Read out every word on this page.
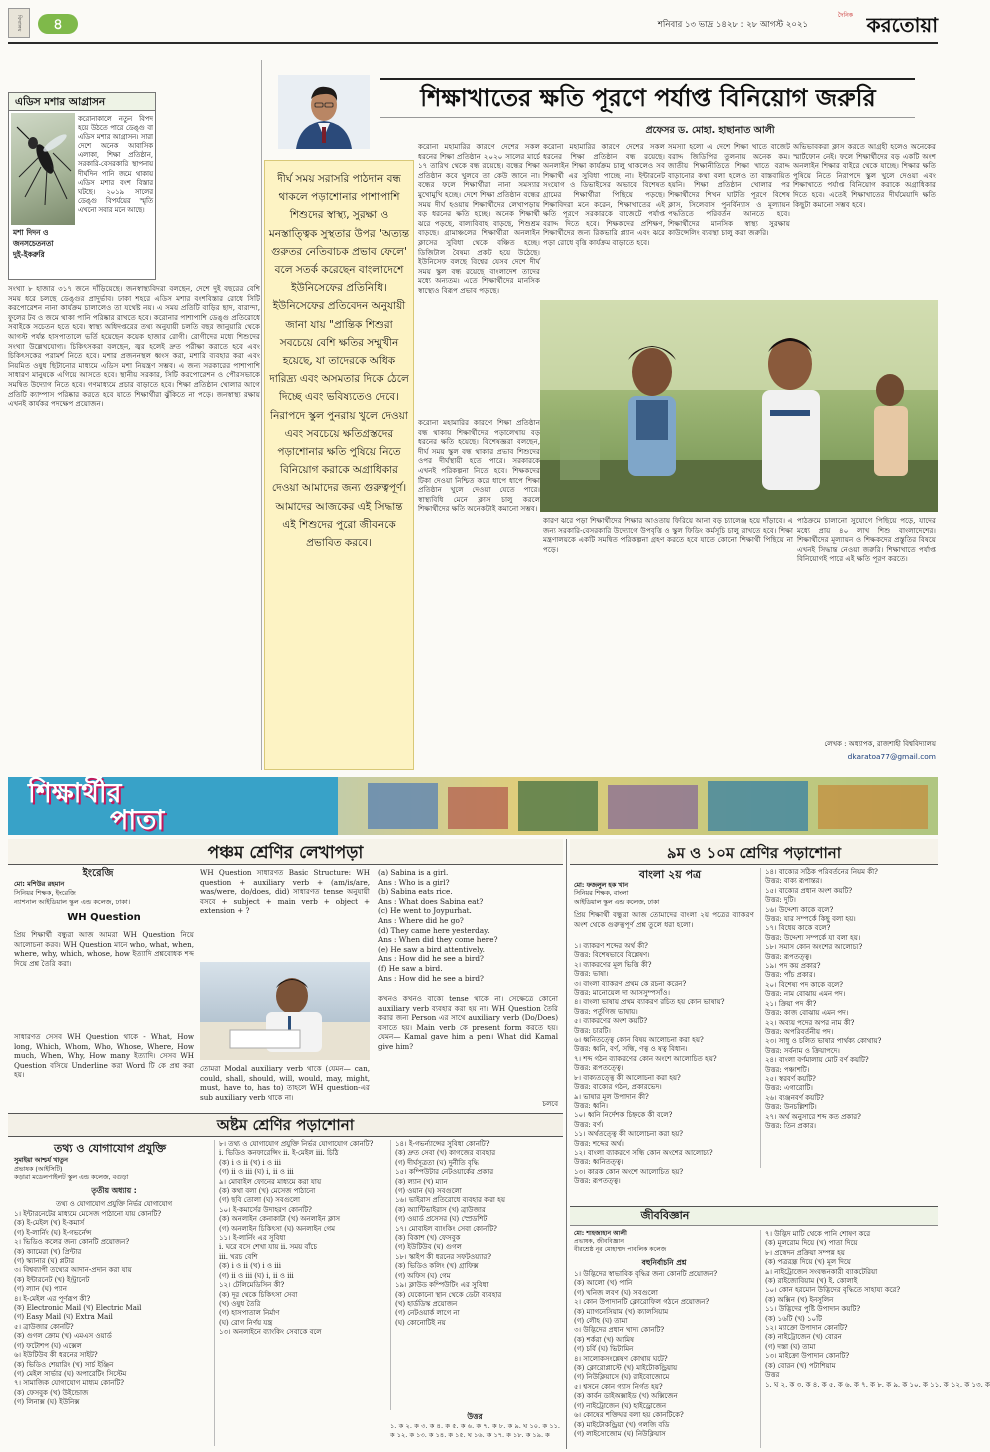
বিদ্যালয়	৪	শনিবার ১৩ ভাদ্র ১৪২৮ : ২৮ আগস্ট ২০২১
দৈনিক করতোয়া
এডিস মশার আগ্রাসন
মশা দিদন ও
জনসচেতনতা
দুই-ইকরুরি
করোনাকালে নতুন বিপদ হয়ে উঠতে পারে ডেঙ্গু বা এডিস মশার আগ্রাসন। সারা দেশে অনেক আবাসিক এলাকা, শিক্ষা প্রতিষ্ঠান, সরকারি-বেসরকারি স্থাপনায় দীর্ঘদিন পানি জমে থাকায় এডিস মশার বংশ বিস্তার ঘটছে। ২০১৯ সালের ডেঙ্গু বিপর্যয়ের স্মৃতি এখনো সবার মনে আছে।
সংখ্যা ৮ হাজার ৩১৭ জনে দাঁড়িয়েছে। জনস্বাস্থ্যবিদরা বলছেন, দেশে দুই বছরের বেশি সময় ধরে চলছে ডেঙ্গুর প্রাদুর্ভাব। ঢাকা শহরে এডিস মশার বংশবিস্তার রোধে সিটি করপোরেশন নানা কার্যক্রম চালালেও তা যথেষ্ট নয়। এ সময় প্রতিটি বাড়ির ছাদ, বারান্দা, ফুলের টব ও জমে থাকা পানি পরিষ্কার রাখতে হবে। করোনার পাশাপাশি ডেঙ্গু প্রতিরোধে সবাইকে সচেতন হতে হবে। স্বাস্থ্য অধিদপ্তরের তথ্য অনুযায়ী চলতি বছর জানুয়ারি থেকে আগস্ট পর্যন্ত হাসপাতালে ভর্তি হয়েছেন কয়েক হাজার রোগী। রোগীদের মধ্যে শিশুদের সংখ্যা উল্লেখযোগ্য। চিকিৎসকরা বলছেন, জ্বর হলেই দ্রুত পরীক্ষা করাতে হবে এবং চিকিৎসকের পরামর্শ নিতে হবে। মশার প্রজননস্থল ধ্বংস করা, মশারি ব্যবহার করা এবং নিয়মিত ওষুধ ছিটানোর মাধ্যমে এডিস মশা নিয়ন্ত্রণ সম্ভব। এ জন্য সরকারের পাশাপাশি সাধারণ মানুষকে এগিয়ে আসতে হবে। স্থানীয় সরকার, সিটি করপোরেশন ও পৌরসভাকে সমন্বিত উদ্যোগ নিতে হবে। গণমাধ্যমে প্রচার বাড়াতে হবে। শিক্ষা প্রতিষ্ঠান খোলার আগে প্রতিটি ক্যাম্পাস পরিষ্কার করতে হবে যাতে শিক্ষার্থীরা ঝুঁকিতে না পড়ে। জনস্বাস্থ্য রক্ষায় এখনই কার্যকর পদক্ষেপ প্রয়োজন।
শিক্ষাখাতের ক্ষতি পূরণে পর্যাপ্ত বিনিয়োগ জরুরি
প্রফেসর ড. মোহা. হাছানাত আলী
দীর্ঘ সময় সরাসরি পাঠদান বন্ধ থাকলে পড়াশোনার পাশাপাশি শিশুদের স্বাস্থ্য, সুরক্ষা ও মনস্তাত্ত্বিক সুস্থতার উপর 'অত্যন্ত গুরুতর নেতিবাচক প্রভাব ফেলে' বলে সতর্ক করেছেন বাংলাদেশে ইউনিসেফের প্রতিনিধি। ইউনিসেফের প্রতিবেদন অনুযায়ী জানা যায় "প্রান্তিক শিশুরা সবচেয়ে বেশি ক্ষতির সম্মুখীন হয়েছে, যা তাদেরকে অধিক দারিদ্র্য এবং অসমতার দিকে ঠেলে দিচ্ছে এবং ভবিষ্যতেও দেবে। নিরাপদে স্কুল পুনরায় খুলে দেওয়া এবং সবচেয়ে ক্ষতিগ্রস্তদের পড়াশোনার ক্ষতি পুষিয়ে নিতে বিনিয়োগ করাকে অগ্রাধিকার দেওয়া আমাদের জন্য গুরুত্বপূর্ণ। আমাদের আজকের এই সিদ্ধান্ত এই শিশুদের পুরো জীবনকে প্রভাবিত করবে।
করোনা মহামারির কারণে দেশের সকল ধরনের শিক্ষা প্রতিষ্ঠান ২০২০ সালের মার্চে ১৭ তারিখ থেকে বন্ধ রয়েছে। বন্ধের শিক্ষা প্রতিষ্ঠান কবে খুলবে তা কেউ জানে না। বন্ধের ফলে শিক্ষার্থীরা নানা সমস্যার মুখোমুখি হচ্ছে। দেশে শিক্ষা প্রতিষ্ঠান বন্ধের সময় দীর্ঘ হওয়ায় শিক্ষার্থীদের লেখাপড়ায় বড় ধরনের ক্ষতি হচ্ছে। অনেক শিক্ষার্থী ঝরে পড়ছে, বাল্যবিবাহ বাড়ছে, শিশুশ্রম বাড়ছে। গ্রামাঞ্চলের শিক্ষার্থীরা অনলাইন ক্লাসের সুবিধা থেকে বঞ্চিত হচ্ছে। ডিজিটাল বৈষম্য প্রকট হয়ে উঠেছে। ইউনিসেফ বলছে বিশ্বের যেসব দেশে দীর্ঘ সময় স্কুল বন্ধ রয়েছে বাংলাদেশ তাদের মধ্যে অন্যতম। এতে শিক্ষার্থীদের মানসিক স্বাস্থ্যেও বিরূপ প্রভাব পড়ছে।
করোনা মহামারির কারণে দেশের সকল ধরনের শিক্ষা প্রতিষ্ঠান বন্ধ রয়েছে। অনলাইন শিক্ষা কার্যক্রম চালু থাকলেও সব শিক্ষার্থী এর সুবিধা পাচ্ছে না। ইন্টারনেট সংযোগ ও ডিভাইসের অভাবে বিশেষত গ্রামের শিক্ষার্থীরা পিছিয়ে পড়ছে। শিক্ষাবিদরা মনে করেন, শিক্ষাখাতের এই ক্ষতি পূরণে সরকারকে বাজেটে পর্যাপ্ত বরাদ্দ দিতে হবে। শিক্ষকদের প্রশিক্ষণ, শিক্ষার্থীদের জন্য রিকভারি প্ল্যান এবং ঝরে পড়া রোধে বৃত্তি কার্যক্রম বাড়াতে হবে।
সমস্যা হলো এ দেশে শিক্ষা খাতে বাজেট বরাদ্দ জিডিপির তুলনায় অনেক কম। জাতীয় শিক্ষানীতিতে শিক্ষা খাতে বরাদ্দ বাড়ানোর কথা বলা হলেও তা বাস্তবায়িত হয়নি। শিক্ষা প্রতিষ্ঠান খোলার পর শিক্ষার্থীদের শিখন ঘাটতি পূরণে বিশেষ ক্লাস, সিলেবাস পুনর্বিন্যাস ও মূল্যায়ন পদ্ধতিতে পরিবর্তন আনতে হবে। শিক্ষার্থীদের মানসিক স্বাস্থ্য সুরক্ষায় কাউন্সেলিং ব্যবস্থা চালু করা জরুরি।
অভিভাবকরা ক্লাস করতে আগ্রহী হলেও অনেকের স্মার্টফোন নেই। ফলে শিক্ষার্থীদের বড় একটি অংশ অনলাইন শিক্ষার বাইরে থেকে যাচ্ছে। শিক্ষার ক্ষতি পুষিয়ে নিতে নিরাপদে স্কুল খুলে দেওয়া এবং শিক্ষাখাতে পর্যাপ্ত বিনিয়োগ করাকে অগ্রাধিকার দিতে হবে। এতেই শিক্ষাখাতের দীর্ঘমেয়াদি ক্ষতি কিছুটা কমানো সম্ভব হবে।
করোনা মহামারির কারণে শিক্ষা প্রতিষ্ঠান বন্ধ থাকায় শিক্ষার্থীদের পড়ালেখায় বড় ধরনের ক্ষতি হয়েছে। বিশেষজ্ঞরা বলছেন, দীর্ঘ সময় স্কুল বন্ধ থাকার প্রভাব শিশুদের ওপর দীর্ঘস্থায়ী হতে পারে। সরকারকে এখনই পরিকল্পনা নিতে হবে। শিক্ষকদের টিকা দেওয়া নিশ্চিত করে ধাপে ধাপে শিক্ষা প্রতিষ্ঠান খুলে দেওয়া যেতে পারে। স্বাস্থ্যবিধি মেনে ক্লাস চালু করলে শিক্ষার্থীদের ক্ষতি অনেকটাই কমানো সম্ভব।
কারণ ঝরে পড়া শিক্ষার্থীদের শিক্ষার আওতায় ফিরিয়ে আনা বড় চ্যালেঞ্জ হয়ে দাঁড়াবে। এ জন্য সরকারি-বেসরকারি উদ্যোগে উপবৃত্তি ও স্কুল ফিডিং কর্মসূচি চালু রাখতে হবে। শিক্ষা মন্ত্রণালয়কে একটি সমন্বিত পরিকল্পনা গ্রহণ করতে হবে যাতে কোনো শিক্ষার্থী পিছিয়ে না পড়ে।
পাঠক্রমে চালানো সুযোগে পিছিয়ে পড়ে, যাদের মধ্যে প্রায় ৪০ লাখ শিশু বাংলাদেশের। শিক্ষার্থীদের মূল্যায়ন ও শিক্ষকদের প্রস্তুতির বিষয়ে এখনই সিদ্ধান্ত নেওয়া জরুরি। শিক্ষাখাতে পর্যাপ্ত বিনিয়োগই পারে এই ক্ষতি পূরণ করতে।
লেখক : অধ্যাপক, রাজশাহী বিশ্ববিদ্যালয়
dkaratoa77@gmail.com
শিক্ষার্থীর
পাতা
পঞ্চম শ্রেণির লেখাপড়া
ইংরেজি
মো: মশিউর রহমান
সিনিয়র শিক্ষক, ইংরেজি
ন্যাশনাল আইডিয়াল স্কুল এন্ড কলেজ, ঢাকা।
WH Question
প্রিয় শিক্ষার্থী বন্ধুরা আজ আমরা WH Question নিয়ে আলোচনা করব। WH Question মানে who, what, when, where, why, which, whose, how ইত্যাদি প্রশ্নবোধক শব্দ দিয়ে প্রশ্ন তৈরি করা।
সাধারণত সেসব WH Question থাকে - What, How long, Which, Whom, Who, Whose, Where, How much, When, Why, How many ইত্যাদি। সেসব WH Question বসিয়ে Underline করা Word টি কে প্রশ্ন করা হয়।
WH Question সাধারণত Basic Structure: WH question + auxiliary verb + (am/is/are, was/were, do/does, did) সাধারণত tense অনুযায়ী বসবে + subject + main verb + object + extension + ?
তোমরা Modal auxiliary verb থাকে (যেমন— can, could, shall, should, will, would, may, might, must, have to, has to) তাহলে WH question-এর sub auxiliary verb থাকে না।
(a) Sabina is a girl.
Ans : Who is a girl?
(b) Sabina eats rice.
Ans : What does Sabina eat?
(c) He went to Joypurhat.
Ans : Where did he go?
(d) They came here yesterday.
Ans : When did they come here?
(e) He saw a bird attentively.
Ans : How did he see a bird?
(f) He saw a bird.
Ans : How did he see a bird?
কখনও কখনও বাক্যে tense থাকে না। সেক্ষেত্রে কোনো auxiliary verb ব্যবহার করা হয় না। WH Question তৈরি করার জন্য Person এর সাথে auxiliary verb (Do/Does) বসাতে হয়। Main verb কে present form করতে হয়। যেমন— Kamal gave him a pen। What did Kamal give him?
চলবে
অষ্টম শ্রেণির পড়াশোনা
তথ্য ও যোগাযোগ প্রযুক্তি
সুমাইয়া আশ্চর্য খাতুন
প্রভাষক (আইসিটি)
কড়ারা মডেলপাইলট স্কুল এন্ড কলেজ, বগুড়া
তৃতীয় অধ্যায় :
তথ্য ও যোগাযোগ প্রযুক্তি নির্ভর যোগাযোগ
১। ইন্টারনেটের মাধ্যমে মেসেজ পাঠানো যায় কোনটি?
(ক) ই-মেইল (খ) ই-কমার্স
(গ) ই-লার্নিং (ঘ) ই-গভর্নেন্স
২। ভিডিও কলের জন্য কোনটি প্রয়োজন?
(ক) ক্যামেরা (খ) প্রিন্টার
(গ) স্ক্যানার (ঘ) প্লটার
৩। বিশ্বব্যাপী তথ্যের আদান-প্রদান করা যায়
(ক) ইন্টারনেট (খ) ইন্ট্রানেট
(গ) ল্যান (ঘ) প্যান
৪। ই-মেইল এর পূর্ণরূপ কী?
(ক) Electronic Mail (খ) Electric Mail
(গ) Easy Mail (ঘ) Extra Mail
৫। ব্রাউজার কোনটি?
(ক) গুগল ক্রোম (খ) এমএস ওয়ার্ড
(গ) ফটোশপ (ঘ) এক্সেল
৬। ইউটিউব কী ধরনের সাইট?
(ক) ভিডিও শেয়ারিং (খ) সার্চ ইঞ্জিন
(গ) মেইল সার্ভার (ঘ) অপারেটিং সিস্টেম
৭। সামাজিক যোগাযোগ মাধ্যম কোনটি?
(ক) ফেসবুক (খ) উইন্ডোজ
(গ) লিনাক্স (ঘ) ইউনিক্স
৮। তথ্য ও যোগাযোগ প্রযুক্তি নির্ভর যোগাযোগ কোনটি?
i. ভিডিও কনফারেন্সিং ii. ই-মেইল iii. চিঠি
(ক) i ও ii (খ) i ও iii
(গ) ii ও iii (ঘ) i, ii ও iii
৯। মোবাইল ফোনের মাধ্যমে করা যায়
(ক) কথা বলা (খ) মেসেজ পাঠানো
(গ) ছবি তোলা (ঘ) সবগুলো
১০। ই-কমার্সের উদাহরণ কোনটি?
(ক) অনলাইন কেনাকাটা (খ) অনলাইন ক্লাস
(গ) অনলাইন চিকিৎসা (ঘ) অনলাইন গেম
১১। ই-লার্নিং এর সুবিধা
i. ঘরে বসে শেখা যায় ii. সময় বাঁচে
iii. খরচ বেশি
(ক) i ও ii (খ) i ও iii
(গ) ii ও iii (ঘ) i, ii ও iii
১২। টেলিমেডিসিন কী?
(ক) দূর থেকে চিকিৎসা সেবা
(খ) ওষুধ তৈরি
(গ) হাসপাতাল নির্মাণ
(ঘ) রোগ নির্ণয় যন্ত্র
১৩। অনলাইনে ব্যাংকিং সেবাকে বলে
১৪। ই-গভর্ন্যান্সের সুবিধা কোনটি?
(ক) দ্রুত সেবা (খ) কাগজের ব্যবহার
(গ) দীর্ঘসূত্রতা (ঘ) দুর্নীতি বৃদ্ধি
১৫। কম্পিউটার নেটওয়ার্কের প্রকার
(ক) ল্যান (খ) ম্যান
(গ) ওয়ান (ঘ) সবগুলো
১৬। ভাইরাস প্রতিরোধে ব্যবহার করা হয়
(ক) অ্যান্টিভাইরাস (খ) ব্রাউজার
(গ) ওয়ার্ড প্রসেসর (ঘ) স্প্রেডশিট
১৭। মোবাইল ব্যাংকিং সেবা কোনটি?
(ক) বিকাশ (খ) ফেসবুক
(গ) ইউটিউব (ঘ) গুগল
১৮। স্কাইপ কী ধরনের সফটওয়্যার?
(ক) ভিডিও কলিং (খ) গ্রাফিক্স
(গ) অফিস (ঘ) গেম
১৯। ক্লাউড কম্পিউটিং এর সুবিধা
(ক) যেকোনো স্থান থেকে ডেটা ব্যবহার
(খ) হার্ডডিস্ক প্রয়োজন
(গ) নেটওয়ার্ক লাগে না
(ঘ) কোনোটিই নয়
উত্তর
১. ক ২. ক ৩. ক ৪. ক ৫. ক ৬. ক ৭. ক ৮. ক ৯. ঘ ১০. ক ১১. ক ১২. ক ১৩. ক ১৪. ক ১৫. ঘ ১৬. ক ১৭. ক ১৮. ক ১৯. ক
৯ম ও ১০ম শ্রেণির পড়াশোনা
বাংলা ২য় পত্র
মো: ফজলুল হক খান
সিনিয়র শিক্ষক, বাংলা
আইডিয়াল স্কুল এন্ড কলেজ, ঢাকা
প্রিয় শিক্ষার্থী বন্ধুরা আজ তোমাদের বাংলা ২য় পত্রের ব্যাকরণ অংশ থেকে গুরুত্বপূর্ণ প্রশ্ন তুলে ধরা হলো।
১। ব্যাকরণ শব্দের অর্থ কী?
উত্তর: বিশেষভাবে বিশ্লেষণ।
২। ব্যাকরণের মূল ভিত্তি কী?
উত্তর: ভাষা।
৩। বাংলা ব্যাকরণ প্রথম কে রচনা করেন?
উত্তর: মানোয়েল দা আসসুম্পসাঁও।
৪। বাংলা ভাষায় প্রথম ব্যাকরণ রচিত হয় কোন ভাষায়?
উত্তর: পর্তুগিজ ভাষায়।
৫। ব্যাকরণের অংশ কয়টি?
উত্তর: চারটি।
৬। ধ্বনিতত্ত্বে কোন বিষয় আলোচনা করা হয়?
উত্তর: ধ্বনি, বর্ণ, সন্ধি, ণত্ব ও ষত্ব বিধান।
৭। শব্দ গঠন ব্যাকরণের কোন অংশে আলোচিত হয়?
উত্তর: রূপতত্ত্বে।
৮। বাক্যতত্ত্বে কী আলোচনা করা হয়?
উত্তর: বাক্যের গঠন, প্রকারভেদ।
৯। ভাষার মূল উপাদান কী?
উত্তর: ধ্বনি।
১০। ধ্বনি নির্দেশক চিহ্নকে কী বলে?
উত্তর: বর্ণ।
১১। অর্থতত্ত্বে কী আলোচনা করা হয়?
উত্তর: শব্দের অর্থ।
১২। বাংলা ব্যাকরণে সন্ধি কোন অংশের আলোচ্য?
উত্তর: ধ্বনিতত্ত্ব।
১৩। কারক কোন অংশে আলোচিত হয়?
উত্তর: রূপতত্ত্ব।
১৪। বাক্যের সঠিক পরিবর্তনের নিয়ম কী?
উত্তর: বাক্য রূপান্তর।
১৫। বাক্যের প্রধান অংশ কয়টি?
উত্তর: দুটি।
১৬। উদ্দেশ্য কাকে বলে?
উত্তর: যার সম্পর্কে কিছু বলা হয়।
১৭। বিধেয় কাকে বলে?
উত্তর: উদ্দেশ্য সম্পর্কে যা বলা হয়।
১৮। সমাস কোন অংশের আলোচ্য?
উত্তর: রূপতত্ত্ব।
১৯। পদ কয় প্রকার?
উত্তর: পাঁচ প্রকার।
২০। বিশেষ্য পদ কাকে বলে?
উত্তর: নাম বোঝায় এমন পদ।
২১। ক্রিয়া পদ কী?
উত্তর: কাজ বোঝায় এমন পদ।
২২। অব্যয় পদের অপর নাম কী?
উত্তর: অপরিবর্তনীয় পদ।
২৩। সাধু ও চলিত ভাষার পার্থক্য কোথায়?
উত্তর: সর্বনাম ও ক্রিয়াপদে।
২৪। বাংলা বর্ণমালায় মোট বর্ণ কয়টি?
উত্তর: পঞ্চাশটি।
২৫। স্বরবর্ণ কয়টি?
উত্তর: এগারোটি।
২৬। ব্যঞ্জনবর্ণ কয়টি?
উত্তর: উনচল্লিশটি।
২৭। অর্থ অনুসারে শব্দ কত প্রকার?
উত্তর: তিন প্রকার।
জীববিজ্ঞান
মো: শাহজাহান আলী
প্রভাষক, জীববিজ্ঞান
বীরশ্রেষ্ঠ নূর মোহাম্মদ পাবলিক কলেজ
বহুনির্বাচনি প্রশ্ন
১। উদ্ভিদের স্বাভাবিক বৃদ্ধির জন্য কোনটি প্রয়োজন?
(ক) আলো (খ) পানি
(গ) খনিজ লবণ (ঘ) সবগুলো
২। কোন উপাদানটি ক্লোরোফিল গঠনে প্রয়োজন?
(ক) ম্যাগনেসিয়াম (খ) ক্যালসিয়াম
(গ) লৌহ (ঘ) তামা
৩। উদ্ভিদের প্রধান খাদ্য কোনটি?
(ক) শর্করা (খ) আমিষ
(গ) চর্বি (ঘ) ভিটামিন
৪। সালোকসংশ্লেষণ কোথায় ঘটে?
(ক) ক্লোরোপ্লাস্টে (খ) মাইটোকন্ড্রিয়ায়
(গ) নিউক্লিয়াসে (ঘ) রাইবোজোমে
৫। শ্বসনে কোন গ্যাস নির্গত হয়?
(ক) কার্বন ডাইঅক্সাইড (খ) অক্সিজেন
(গ) নাইট্রোজেন (ঘ) হাইড্রোজেন
৬। কোষের শক্তিঘর বলা হয় কোনটিকে?
(ক) মাইটোকন্ড্রিয়া (খ) গলজি বডি
(গ) লাইসোজোম (ঘ) নিউক্লিয়াস
৭। উদ্ভিদ মাটি থেকে পানি শোষণ করে
(ক) মূলরোম দিয়ে (খ) পাতা দিয়ে
৮। প্রস্বেদন প্রক্রিয়া সম্পন্ন হয়
(ক) পত্ররন্ধ্র দিয়ে (খ) মূল দিয়ে
৯। নাইট্রোজেন সংবন্ধনকারী ব্যাকটেরিয়া
(ক) রাইজোবিয়াম (খ) ই. কোলাই
১০। কোন হরমোন উদ্ভিদের বৃদ্ধিতে সাহায্য করে?
(ক) অক্সিন (খ) ইনসুলিন
১১। উদ্ভিদের পুষ্টি উপাদান কয়টি?
(ক) ১৬টি (খ) ১০টি
১২। ম্যাক্রো উপাদান কোনটি?
(ক) নাইট্রোজেন (খ) বোরন
(গ) দস্তা (ঘ) তামা
১৩। মাইক্রো উপাদান কোনটি?
(ক) বোরন (খ) পটাশিয়াম
উত্তর
১. ঘ ২. ক ৩. ক ৪. ক ৫. ক ৬. ক ৭. ক ৮. ক ৯. ক ১০. ক ১১. ক ১২. ক ১৩. ক
